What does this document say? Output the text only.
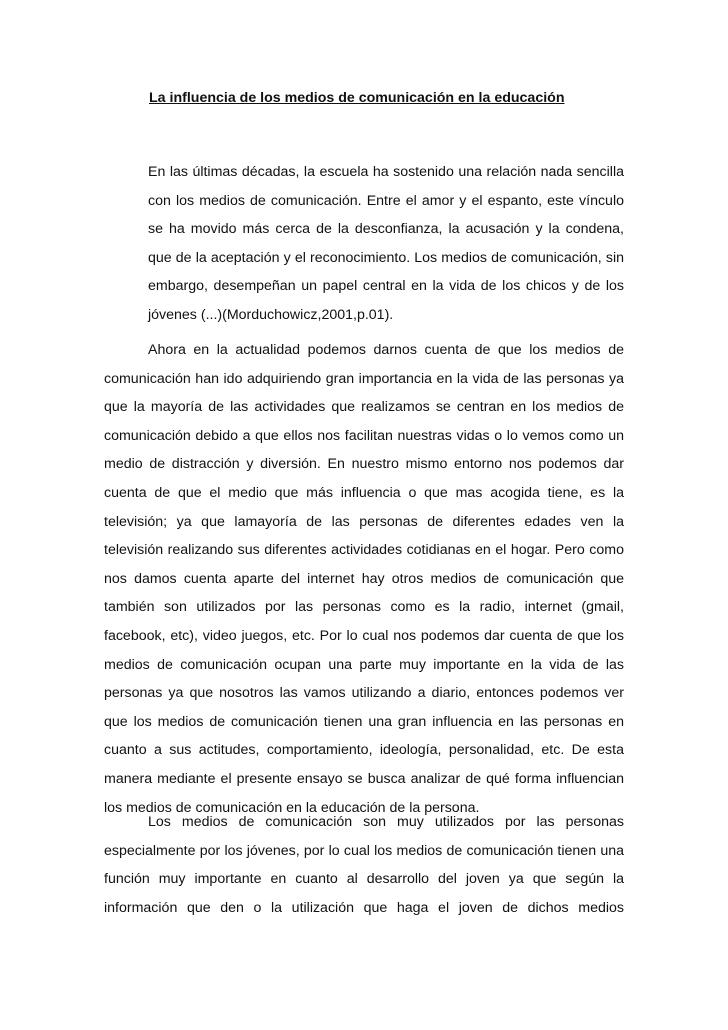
La influencia de los medios de comunicación en la educación

En las últimas décadas, la escuela ha sostenido una relación nada sencilla con los medios de comunicación. Entre el amor y el espanto, este vínculo se ha movido más cerca de la desconfianza, la acusación y la condena, que de la aceptación y el reconocimiento. Los medios de comunicación, sin embargo, desempeñan un papel central en la vida de los chicos y de los jóvenes (...)(Morduchowicz,2001,p.01).

Ahora en la actualidad podemos darnos cuenta de que los medios de comunicación han ido adquiriendo gran importancia en la vida de las personas ya que la mayoría de las actividades que realizamos se centran en los medios de comunicación debido a que ellos nos facilitan nuestras vidas o lo vemos como un medio de distracción y diversión. En nuestro mismo entorno nos podemos dar cuenta de que el medio que más influencia o que mas acogida tiene, es la televisión; ya que lamayoría de las personas de diferentes edades ven la televisión realizando sus diferentes actividades cotidianas en el hogar. Pero como nos damos cuenta aparte del internet hay otros medios de comunicación que también son utilizados por las personas como es la radio, internet (gmail, facebook, etc), video juegos, etc. Por lo cual nos podemos dar cuenta de que los medios de comunicación ocupan una parte muy importante en la vida de las personas ya que nosotros las vamos utilizando a diario, entonces podemos ver que los medios de comunicación tienen una gran influencia en las personas en cuanto a sus actitudes, comportamiento, ideología, personalidad, etc. De esta manera mediante el presente ensayo se busca analizar de qué forma influencian los medios de comunicación en la educación de la persona.

Los medios de comunicación son muy utilizados por las personas especialmente por los jóvenes, por lo cual los medios de comunicación tienen una función muy importante en cuanto al desarrollo del joven ya que según la información que den o la utilización que haga el joven de dichos medios
